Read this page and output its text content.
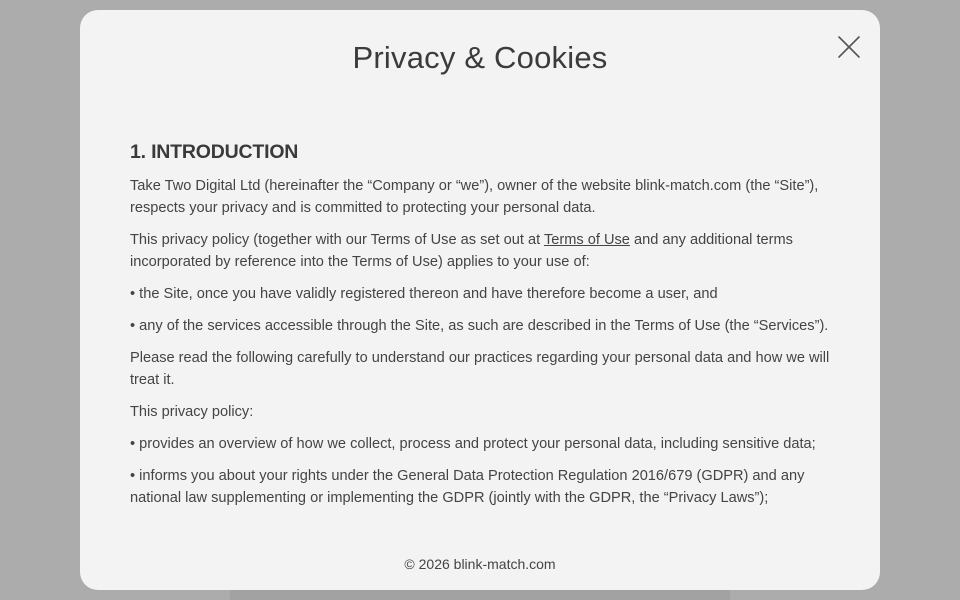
Privacy & Cookies
1. INTRODUCTION

Take Two Digital Ltd (hereinafter the “Company or “we”), owner of the website blink-match.com (the “Site”), respects your privacy and is committed to protecting your personal data.

This privacy policy (together with our Terms of Use as set out at Terms of Use and any additional terms incorporated by reference into the Terms of Use) applies to your use of:

• the Site, once you have validly registered thereon and have therefore become a user, and

• any of the services accessible through the Site, as such are described in the Terms of Use (the “Services”).

Please read the following carefully to understand our practices regarding your personal data and how we will treat it.

This privacy policy:

• provides an overview of how we collect, process and protect your personal data, including sensitive data;

• informs you about your rights under the General Data Protection Regulation 2016/679 (GDPR) and any national law supplementing or implementing the GDPR (jointly with the GDPR, the “Privacy Laws”);

© 2026 blink-match.com
